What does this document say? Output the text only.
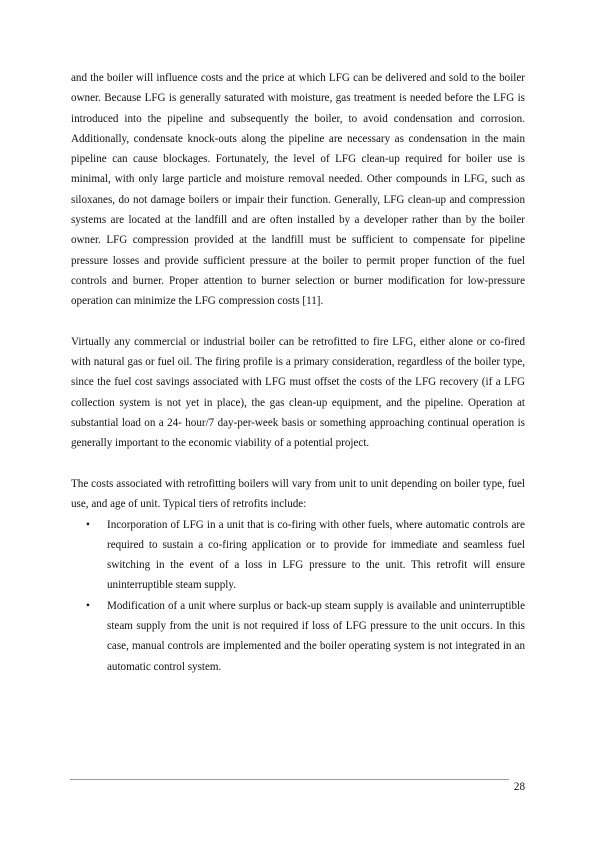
and the boiler will influence costs and the price at which LFG can be delivered and sold to the boiler owner. Because LFG is generally saturated with moisture, gas treatment is needed before the LFG is introduced into the pipeline and subsequently the boiler, to avoid condensation and corrosion. Additionally, condensate knock-outs along the pipeline are necessary as condensation in the main pipeline can cause blockages. Fortunately, the level of LFG clean-up required for boiler use is minimal, with only large particle and moisture removal needed. Other compounds in LFG, such as siloxanes, do not damage boilers or impair their function. Generally, LFG clean-up and compression systems are located at the landfill and are often installed by a developer rather than by the boiler owner. LFG compression provided at the landfill must be sufficient to compensate for pipeline pressure losses and provide sufficient pressure at the boiler to permit proper function of the fuel controls and burner. Proper attention to burner selection or burner modification for low-pressure operation can minimize the LFG compression costs [11].

Virtually any commercial or industrial boiler can be retrofitted to fire LFG, either alone or co-fired with natural gas or fuel oil. The firing profile is a primary consideration, regardless of the boiler type, since the fuel cost savings associated with LFG must offset the costs of the LFG recovery (if a LFG collection system is not yet in place), the gas clean-up equipment, and the pipeline. Operation at substantial load on a 24- hour/7 day-per-week basis or something approaching continual operation is generally important to the economic viability of a potential project.

The costs associated with retrofitting boilers will vary from unit to unit depending on boiler type, fuel use, and age of unit. Typical tiers of retrofits include:

• Incorporation of LFG in a unit that is co-firing with other fuels, where automatic controls are required to sustain a co-firing application or to provide for immediate and seamless fuel switching in the event of a loss in LFG pressure to the unit. This retrofit will ensure uninterruptible steam supply.
• Modification of a unit where surplus or back-up steam supply is available and uninterruptible steam supply from the unit is not required if loss of LFG pressure to the unit occurs. In this case, manual controls are implemented and the boiler operating system is not integrated in an automatic control system.
28
